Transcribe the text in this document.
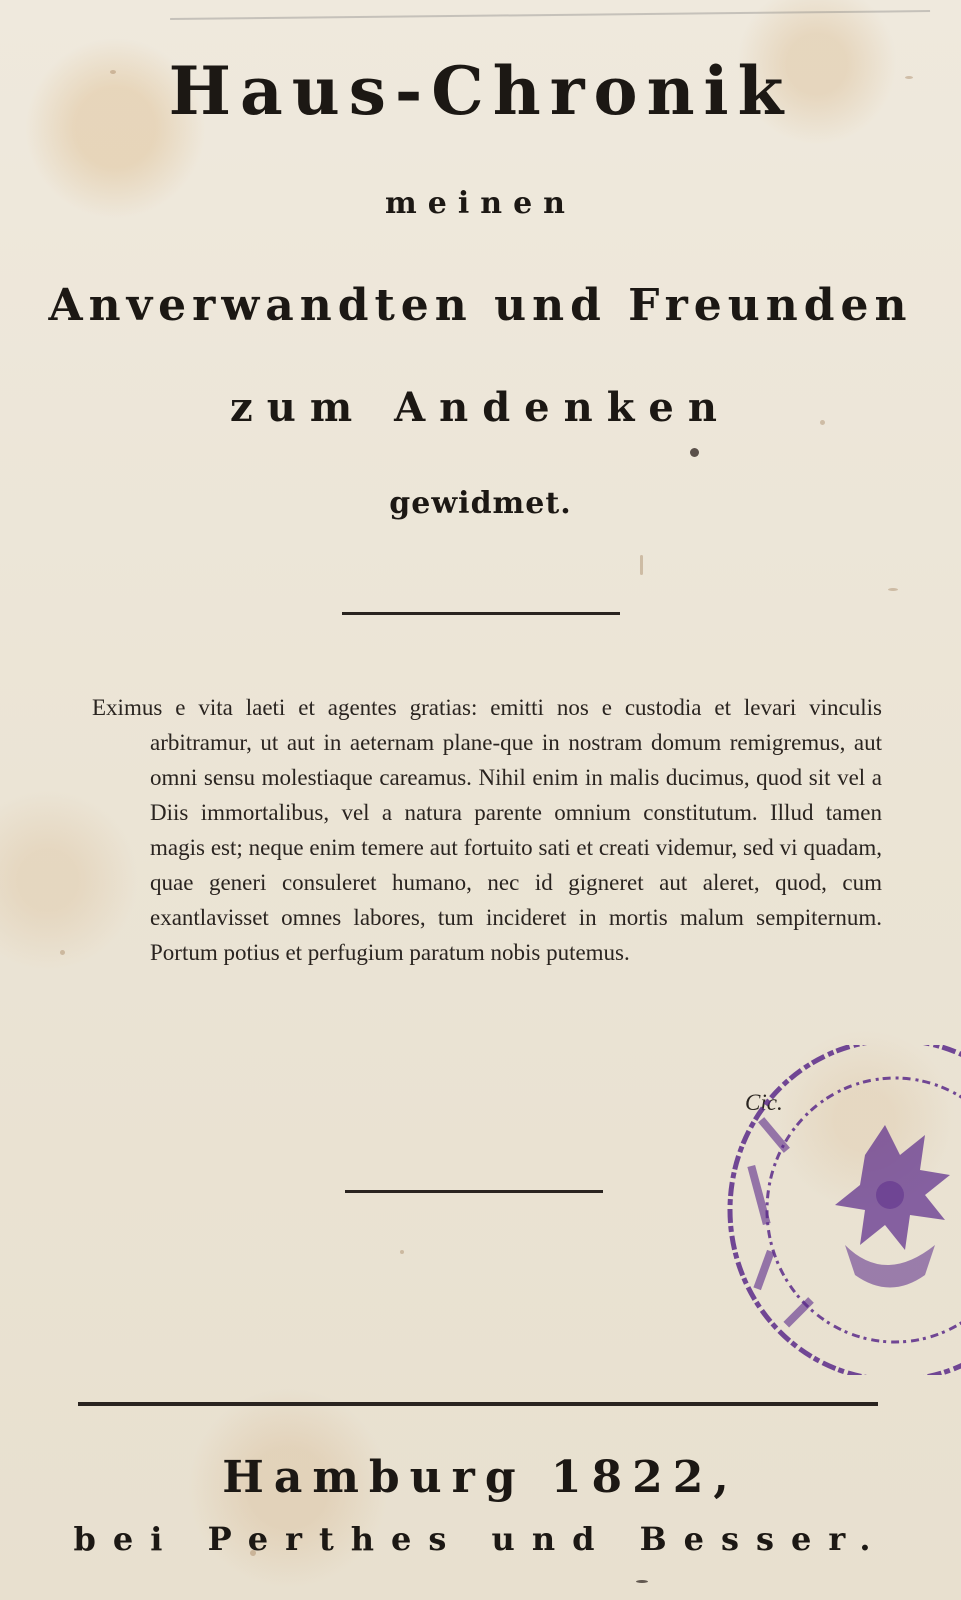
Haus-Chronik
meinen
Anverwandten und Freunden
zum Andenken
gewidmet.
Eximus e vita laeti et agentes gratias: emitti nos e custodia et levari vinculis arbitramur, ut aut in aeternam plane-que in nostram domum remigremus, aut omni sensu molestiaque careamus. Nihil enim in malis ducimus, quod sit vel a Diis immortalibus, vel a natura parente omnium constitutum. Illud tamen magis est; neque enim temere aut fortuito sati et creati videmur, sed vi quadam, quae generi consuleret humano, nec id gigneret aut aleret, quod, cum exantlavisset omnes labores, tum incideret in mortis malum sempiternum. Portum potius et perfugium paratum nobis putemus.
Cic.
Hamburg 1822,
bei Perthes und Besser.
